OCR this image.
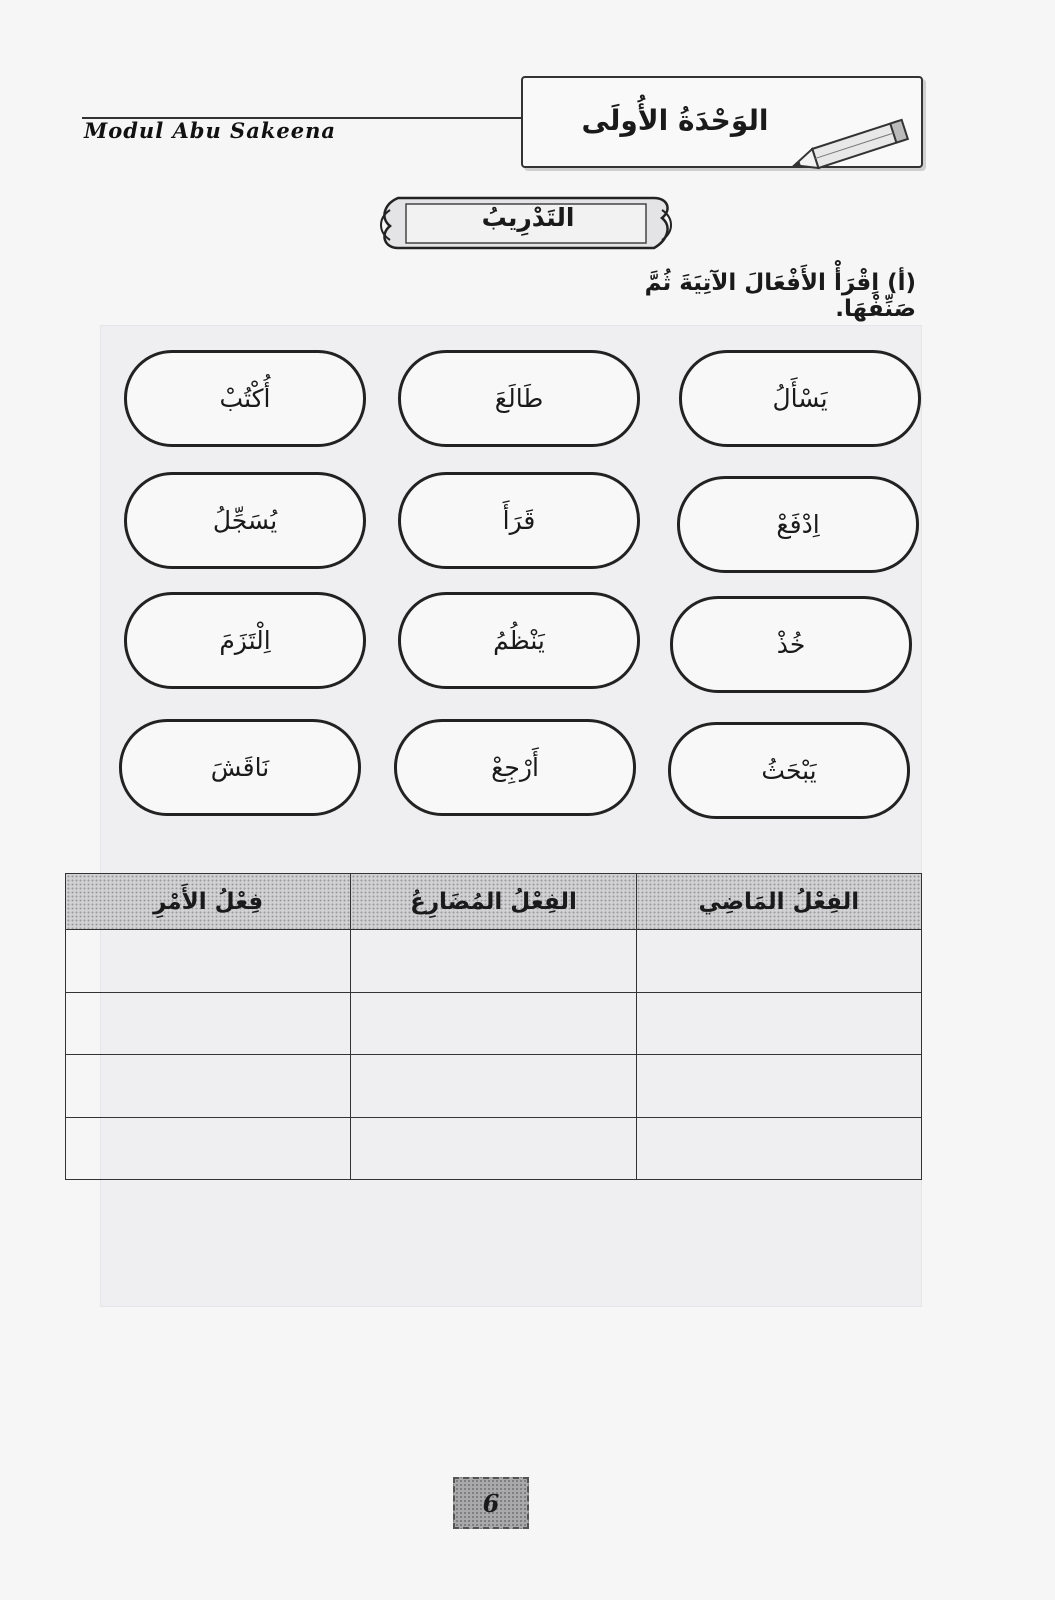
Modul Abu Sakeena	الوَحْدَةُ الأُولَى
التَدْرِيبُ
(أ) اِقْرَأْ الأَفْعَالَ الآتِيَةَ ثُمَّ صَنِّفْهَا.
يَسْأَلُ
طَالَعَ
أُكْتُبْ
اِدْفَعْ
قَرَأَ
يُسَجِّلُ
خُذْ
يَنْظُمُ
اِلْتَزَمَ
يَبْحَثُ
أَرْجِعْ
نَاقَشَ
الفِعْلُ المَاضِي	الفِعْلُ المُضَارِعُ	فِعْلُ الأَمْرِ

6
